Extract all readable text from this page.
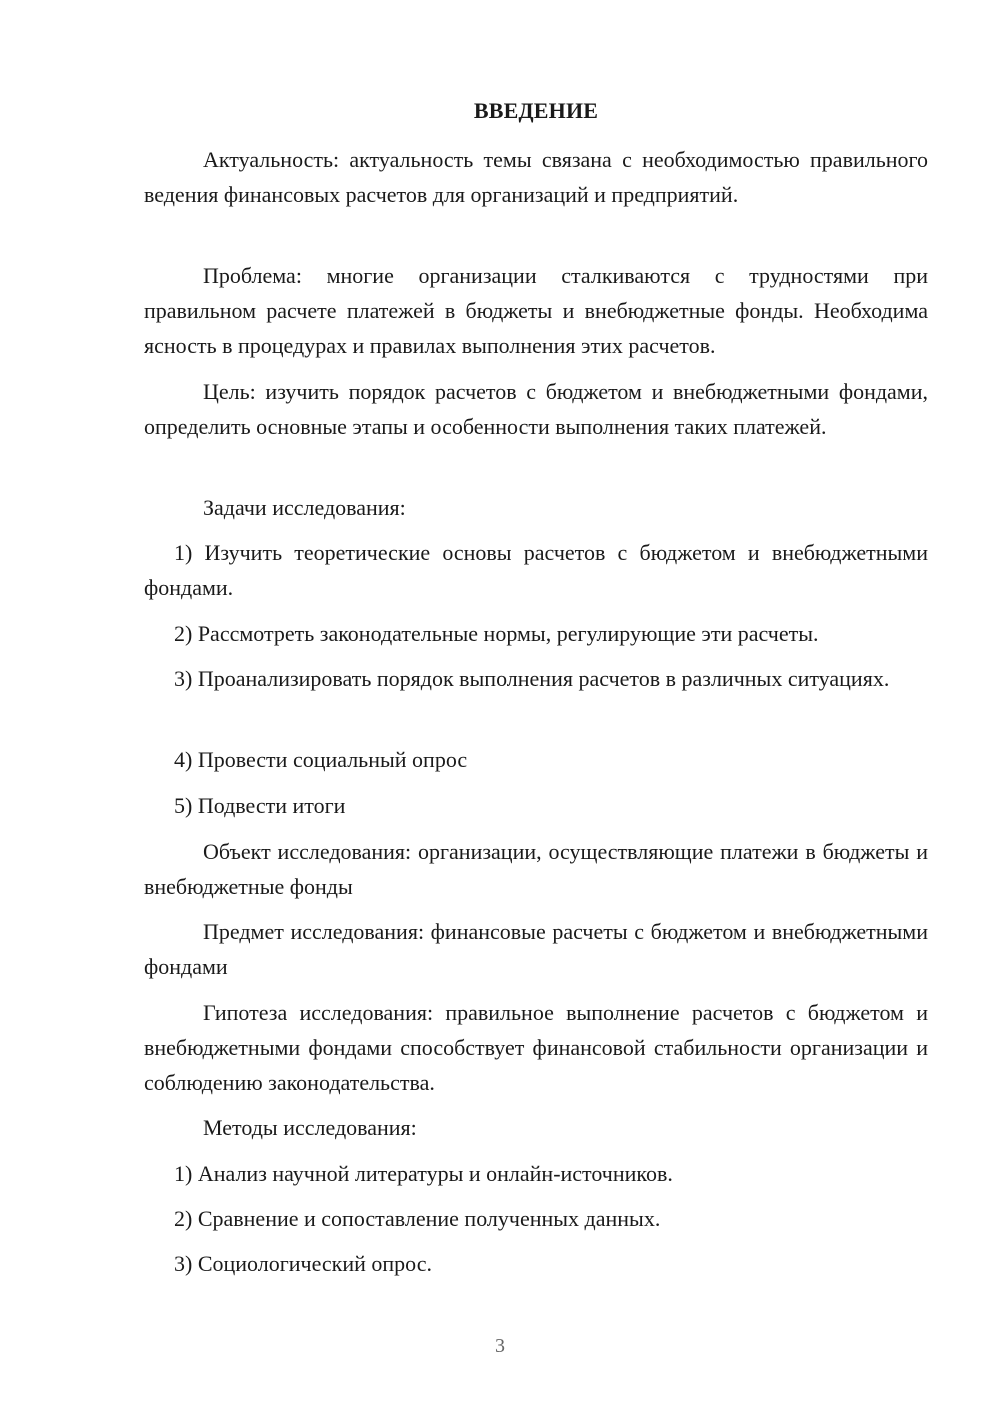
ВВЕДЕНИЕ

Актуальность: актуальность темы связана с необходимостью правильного ведения финансовых расчетов для организаций и предприятий.

Проблема: многие организации сталкиваются с трудностями при правильном расчете платежей в бюджеты и внебюджетные фонды. Необходима ясность в процедурах и правилах выполнения этих расчетов.

Цель: изучить порядок расчетов с бюджетом и внебюджетными фондами, определить основные этапы и особенности выполнения таких платежей.

Задачи исследования:

1) Изучить теоретические основы расчетов с бюджетом и внебюджетными фондами.

2) Рассмотреть законодательные нормы, регулирующие эти расчеты.

3) Проанализировать порядок выполнения расчетов в различных ситуациях.

4) Провести социальный опрос

5) Подвести итоги

Объект исследования: организации, осуществляющие платежи в бюджеты и внебюджетные фонды

Предмет исследования: финансовые расчеты с бюджетом и внебюджетными фондами

Гипотеза исследования: правильное выполнение расчетов с бюджетом и внебюджетными фондами способствует финансовой стабильности организации и соблюдению законодательства.

Методы исследования:

1) Анализ научной литературы и онлайн-источников.

2) Сравнение и сопоставление полученных данных.

3) Социологический опрос.

3
